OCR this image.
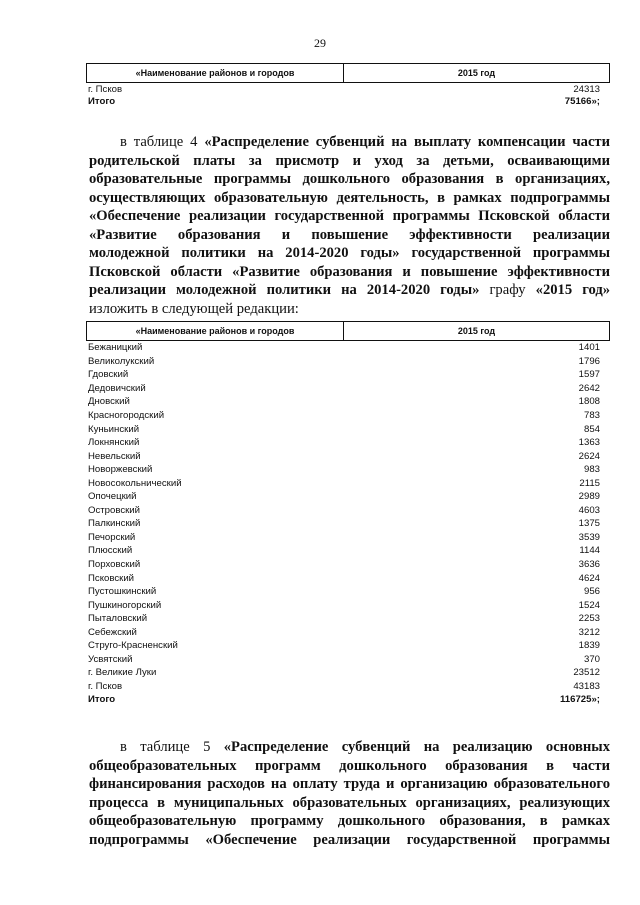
29
«Наименование районов и городов	2015 год
г. Псков	24313
Итого	75166»;
в таблице 4 «Распределение субвенций на выплату компенсации части
родительской платы за присмотр и уход за детьми, осваивающими
образовательные программы дошкольного образования в организациях,
осуществляющих образовательную деятельность, в рамках подпрограммы
«Обеспечение реализации государственной программы Псковской области
«Развитие образования и повышение эффективности реализации
молодежной политики на 2014-2020 годы» государственной программы
Псковской области «Развитие образования и повышение эффективности
реализации молодежной политики на 2014-2020 годы» графу «2015 год»
изложить в следующей редакции:
«Наименование районов и городов	2015 год
Бежаницкий	1401
Великолукский	1796
Гдовский	1597
Дедовичский	2642
Дновский	1808
Красногородский	783
Куньинский	854
Локнянский	1363
Невельский	2624
Новоржевский	983
Новосокольнический	2115
Опочецкий	2989
Островский	4603
Палкинский	1375
Печорский	3539
Плюсский	1144
Порховский	3636
Псковский	4624
Пустошкинский	956
Пушкиногорский	1524
Пыталовский	2253
Себежский	3212
Струго-Красненский	1839
Усвятский	370
г. Великие Луки	23512
г. Псков	43183
Итого	116725»;
в таблице 5 «Распределение субвенций на реализацию основных
общеобразовательных программ дошкольного образования в части
финансирования расходов на оплату труда и организацию образовательного
процесса в муниципальных образовательных организациях, реализующих
общеобразовательную программу дошкольного образования, в рамках
подпрограммы «Обеспечение реализации государственной программы
